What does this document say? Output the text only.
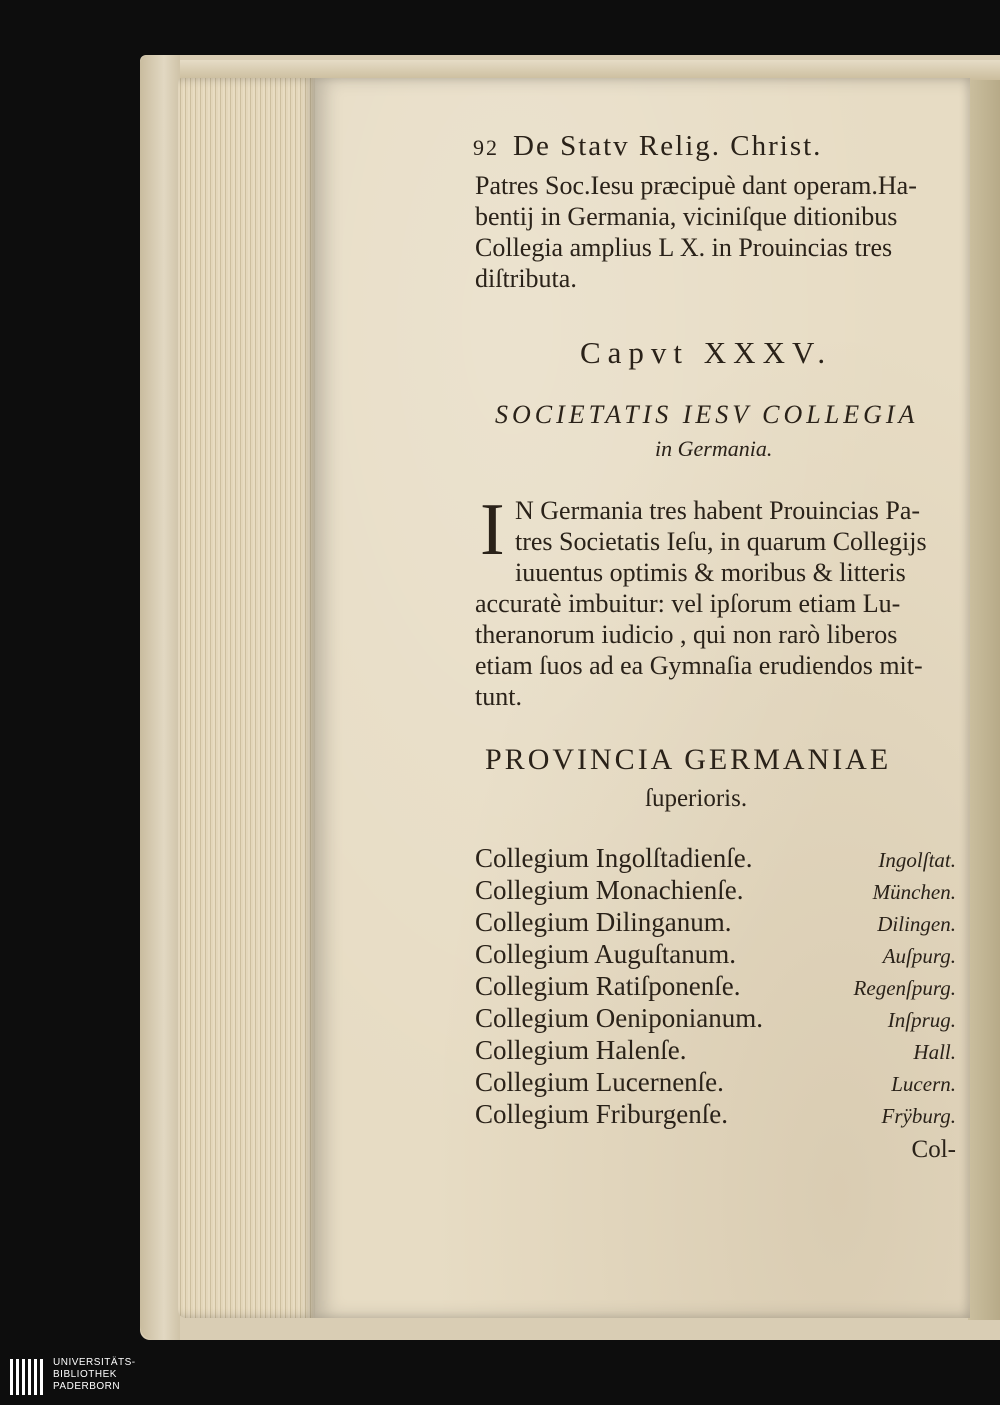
92 De Statv Relig. Christ.
Patres Soc.Iesu præcipuè dant operam.Ha-
bentij in Germania, viciniſque ditionibus
Collegia amplius L X. in Prouincias tres
diſtributa.
Capvt XXXV.
SOCIETATIS IESV COLLEGIA
in Germania.
I N Germania tres habent Prouincias Pa-
tres Societatis Ieſu, in quarum Collegijs
iuuentus optimis & moribus & litteris
accuratè imbuitur: vel ipſorum etiam Lu-
theranorum iudicio , qui non rarò liberos
etiam ſuos ad ea Gymnaſia erudiendos mit-
tunt.
PROVINCIA GERMANIAE
ſuperioris.
Collegium Ingolſtadienſe.	Ingolſtat.
Collegium Monachienſe.	München.
Collegium Dilinganum.	Dilingen.
Collegium Auguſtanum.	Auſpurg.
Collegium Ratiſponenſe.	Regenſpurg.
Collegium Oeniponianum.	Inſprug.
Collegium Halenſe.	Hall.
Collegium Lucernenſe.	Lucern.
Collegium Friburgenſe.	Frÿburg.
Col-
UNIVERSITÄTS-
BIBLIOTHEK
PADERBORN
